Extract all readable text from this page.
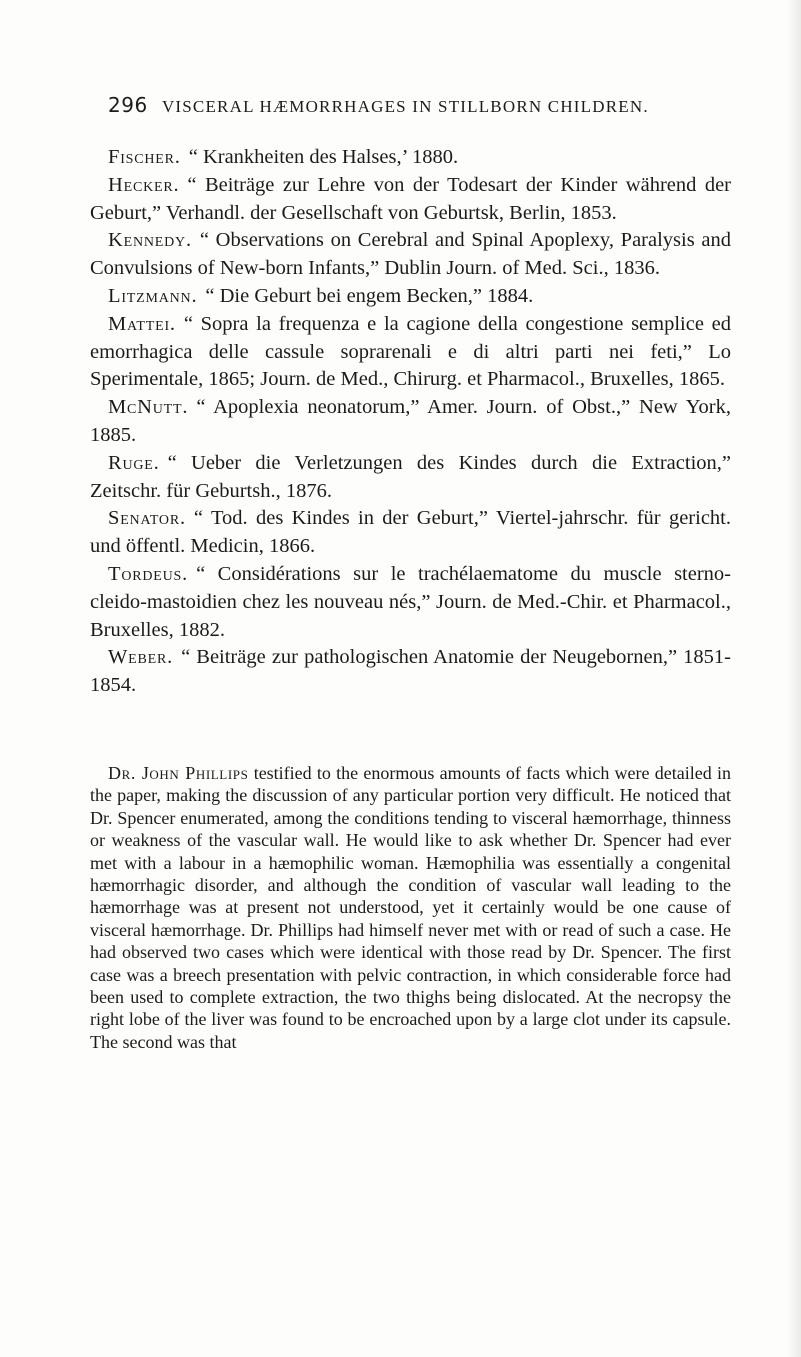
296 VISCERAL HÆMORRHAGES IN STILLBORN CHILDREN.

Fischer. “ Krankheiten des Halses,’ 1880.

Hecker. “ Beiträge zur Lehre von der Todesart der Kinder während der Geburt,” Verhandl. der Gesellschaft von Geburtsk, Berlin, 1853.

Kennedy. “ Observations on Cerebral and Spinal Apoplexy, Paralysis and Convulsions of New-born Infants,” Dublin Journ. of Med. Sci., 1836.

Litzmann. “ Die Geburt bei engem Becken,” 1884.

Mattei. “ Sopra la frequenza e la cagione della congestione semplice ed emorrhagica delle cassule soprarenali e di altri parti nei feti,” Lo Sperimentale, 1865; Journ. de Med., Chirurg. et Pharmacol., Bruxelles, 1865.

McNutt. “ Apoplexia neonatorum,” Amer. Journ. of Obst.,” New York, 1885.

Ruge. “ Ueber die Verletzungen des Kindes durch die Extraction,” Zeitschr. für Geburtsh., 1876.

Senator. “ Tod. des Kindes in der Geburt,” Viertel-jahrschr. für gericht. und öffentl. Medicin, 1866.

Tordeus. “ Considérations sur le trachélaematome du muscle sterno-cleido-mastoidien chez les nouveau nés,” Journ. de Med.-Chir. et Pharmacol., Bruxelles, 1882.

Weber. “ Beiträge zur pathologischen Anatomie der Neugebornen,” 1851-1854.

Dr. John Phillips testified to the enormous amounts of facts which were detailed in the paper, making the discussion of any particular portion very difficult. He noticed that Dr. Spencer enumerated, among the conditions tending to visceral hæmorrhage, thinness or weakness of the vascular wall. He would like to ask whether Dr. Spencer had ever met with a labour in a hæmophilic woman. Hæmophilia was essentially a congenital hæmorrhagic disorder, and although the condition of vascular wall leading to the hæmorrhage was at present not understood, yet it certainly would be one cause of visceral hæmorrhage. Dr. Phillips had himself never met with or read of such a case. He had observed two cases which were identical with those read by Dr. Spencer. The first case was a breech presentation with pelvic contraction, in which considerable force had been used to complete extraction, the two thighs being dislocated. At the necropsy the right lobe of the liver was found to be encroached upon by a large clot under its capsule. The second was that
